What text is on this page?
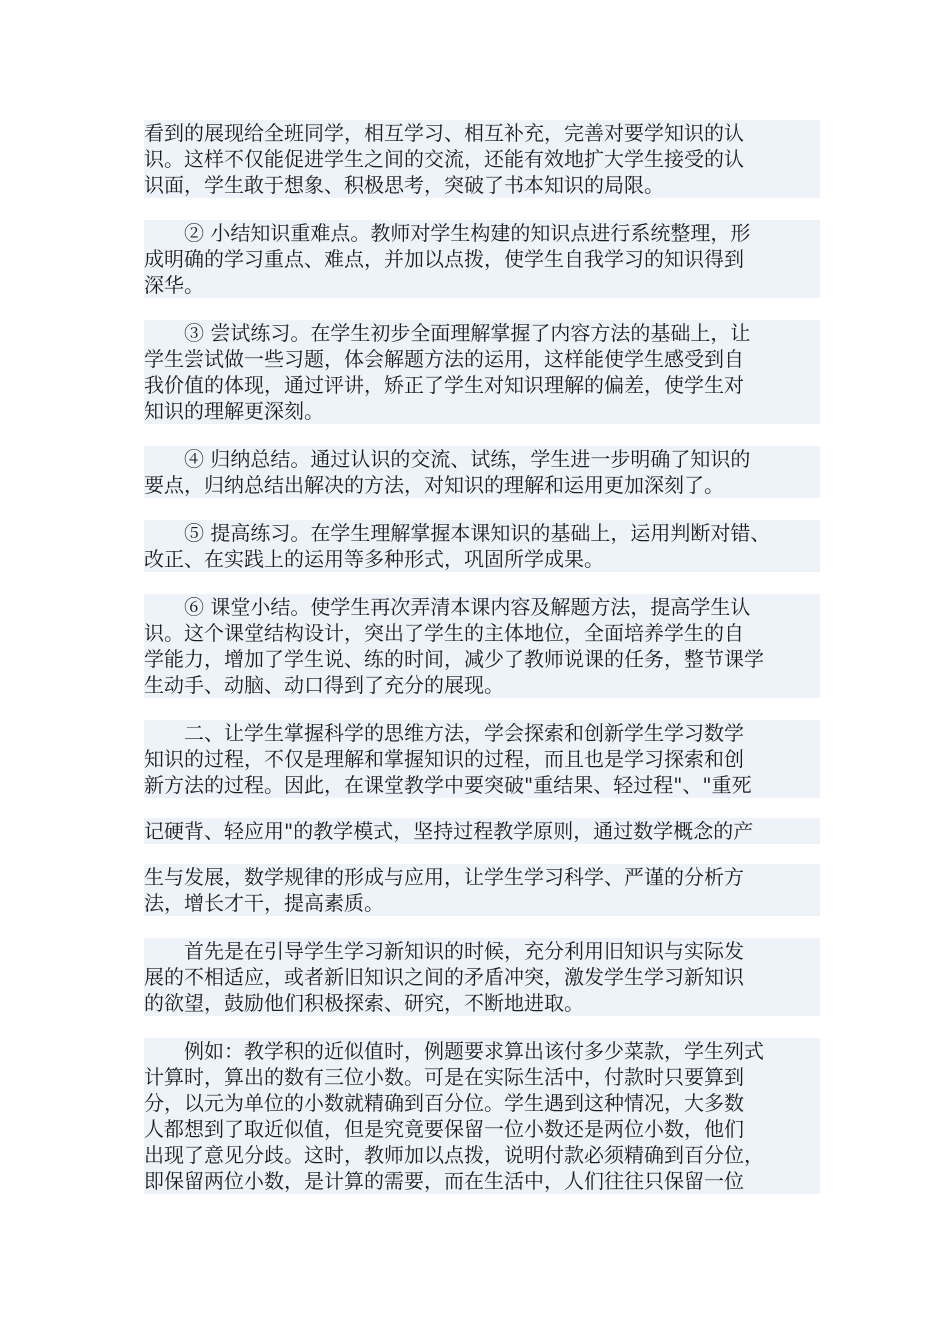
看到的展现给全班同学，相互学习、相互补充，完善对要学知识的认
识。这样不仅能促进学生之间的交流，还能有效地扩大学生接受的认
识面，学生敢于想象、积极思考，突破了书本知识的局限。
② 小结知识重难点。教师对学生构建的知识点进行系统整理，形
成明确的学习重点、难点，并加以点拨，使学生自我学习的知识得到
深华。
③ 尝试练习。在学生初步全面理解掌握了内容方法的基础上，让
学生尝试做一些习题，体会解题方法的运用，这样能使学生感受到自
我价值的体现，通过评讲，矫正了学生对知识理解的偏差，使学生对
知识的理解更深刻。
④ 归纳总结。通过认识的交流、试练，学生进一步明确了知识的
要点，归纳总结出解决的方法，对知识的理解和运用更加深刻了。
⑤ 提高练习。在学生理解掌握本课知识的基础上，运用判断对错、
改正、在实践上的运用等多种形式，巩固所学成果。
⑥ 课堂小结。使学生再次弄清本课内容及解题方法，提高学生认
识。这个课堂结构设计，突出了学生的主体地位，全面培养学生的自
学能力，增加了学生说、练的时间，减少了教师说课的任务，整节课学
生动手、动脑、动口得到了充分的展现。
二、让学生掌握科学的思维方法，学会探索和创新学生学习数学
知识的过程，不仅是理解和掌握知识的过程，而且也是学习探索和创
新方法的过程。因此，在课堂教学中要突破"重结果、轻过程"、"重死
记硬背、轻应用"的教学模式，坚持过程教学原则，通过数学概念的产
生与发展，数学规律的形成与应用，让学生学习科学、严谨的分析方
法，增长才干，提高素质。
首先是在引导学生学习新知识的时候，充分利用旧知识与实际发
展的不相适应，或者新旧知识之间的矛盾冲突，激发学生学习新知识
的欲望，鼓励他们积极探索、研究，不断地进取。
例如：教学积的近似值时，例题要求算出该付多少菜款，学生列式
计算时，算出的数有三位小数。可是在实际生活中，付款时只要算到
分，以元为单位的小数就精确到百分位。学生遇到这种情况，大多数
人都想到了取近似值，但是究竟要保留一位小数还是两位小数，他们
出现了意见分歧。这时，教师加以点拨，说明付款必须精确到百分位，
即保留两位小数，是计算的需要，而在生活中，人们往往只保留一位
